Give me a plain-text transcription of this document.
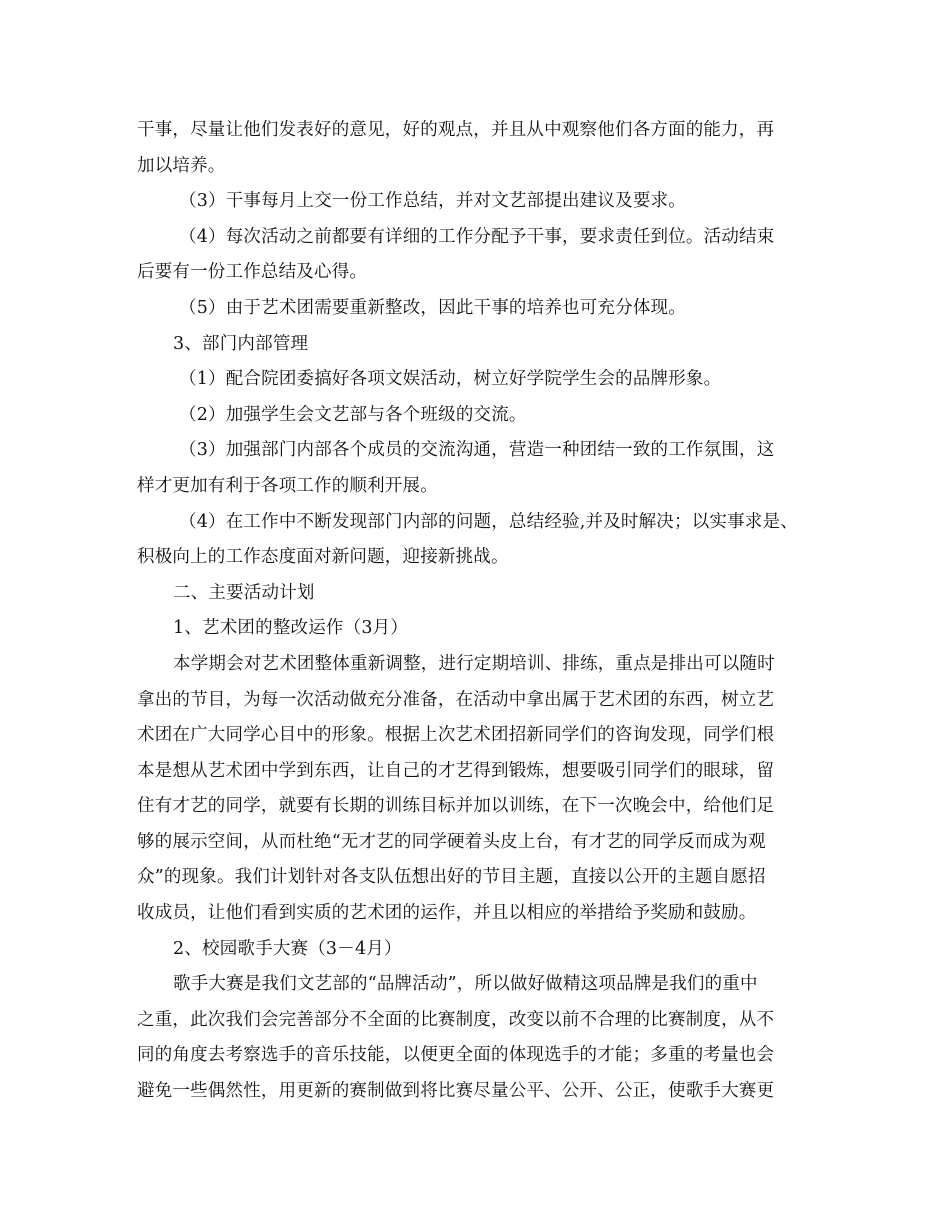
干事，尽量让他们发表好的意见，好的观点，并且从中观察他们各方面的能力，再
加以培养。
（3）干事每月上交一份工作总结，并对文艺部提出建议及要求。
（4）每次活动之前都要有详细的工作分配予干事，要求责任到位。活动结束
后要有一份工作总结及心得。
（5）由于艺术团需要重新整改，因此干事的培养也可充分体现。
3、部门内部管理
（1）配合院团委搞好各项文娱活动，树立好学院学生会的品牌形象。
（2）加强学生会文艺部与各个班级的交流。
（3）加强部门内部各个成员的交流沟通，营造一种团结一致的工作氛围，这
样才更加有利于各项工作的顺利开展。
（4）在工作中不断发现部门内部的问题，总结经验,并及时解决；以实事求是、
积极向上的工作态度面对新问题，迎接新挑战。
二、主要活动计划
1、艺术团的整改运作（3月）
本学期会对艺术团整体重新调整，进行定期培训、排练，重点是排出可以随时
拿出的节目，为每一次活动做充分准备，在活动中拿出属于艺术团的东西，树立艺
术团在广大同学心目中的形象。根据上次艺术团招新同学们的咨询发现，同学们根
本是想从艺术团中学到东西，让自己的才艺得到锻炼，想要吸引同学们的眼球，留
住有才艺的同学，就要有长期的训练目标并加以训练，在下一次晚会中，给他们足
够的展示空间，从而杜绝“无才艺的同学硬着头皮上台，有才艺的同学反而成为观
众”的现象。我们计划针对各支队伍想出好的节目主题，直接以公开的主题自愿招
收成员，让他们看到实质的艺术团的运作，并且以相应的举措给予奖励和鼓励。
2、校园歌手大赛（3－4月）
歌手大赛是我们文艺部的“品牌活动”，所以做好做精这项品牌是我们的重中
之重，此次我们会完善部分不全面的比赛制度，改变以前不合理的比赛制度，从不
同的角度去考察选手的音乐技能，以便更全面的体现选手的才能；多重的考量也会
避免一些偶然性，用更新的赛制做到将比赛尽量公平、公开、公正，使歌手大赛更
